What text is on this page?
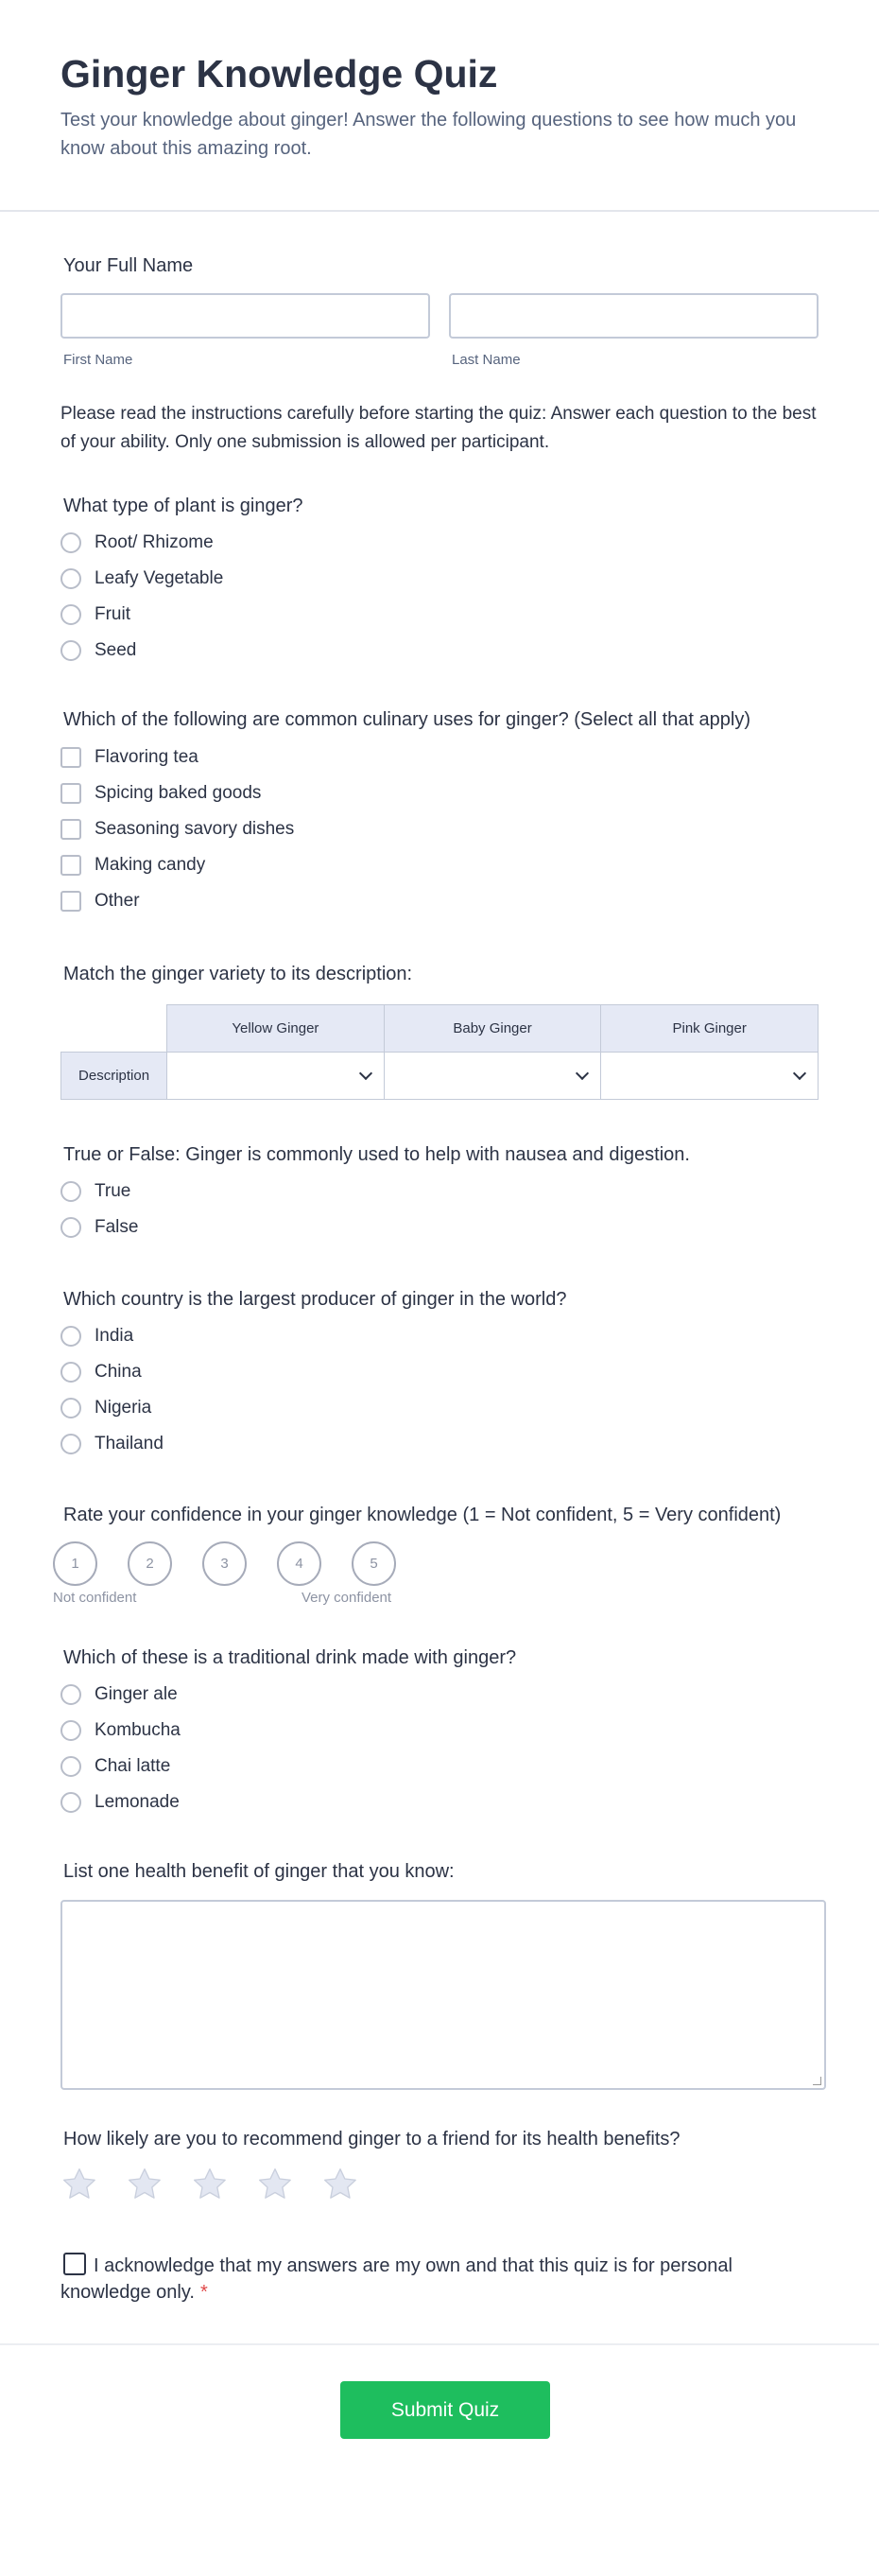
Ginger Knowledge Quiz
Test your knowledge about ginger! Answer the following questions to see how much you know about this amazing root.
Your Full Name
First Name	Last Name
Please read the instructions carefully before starting the quiz: Answer each question to the best of your ability. Only one submission is allowed per participant.
What type of plant is ginger?
Root/ Rhizome
Leafy Vegetable
Fruit
Seed
Which of the following are common culinary uses for ginger? (Select all that apply)
Flavoring tea
Spicing baked goods
Seasoning savory dishes
Making candy
Other
Match the ginger variety to its description:
	Yellow Ginger	Baby Ginger	Pink Ginger
Description	

True or False: Ginger is commonly used to help with nausea and digestion.
True
False
Which country is the largest producer of ginger in the world?
India
China
Nigeria
Thailand
Rate your confidence in your ginger knowledge (1 = Not confident, 5 = Very confident)
1	2	3	4	5
Not confident	Very confident
Which of these is a traditional drink made with ginger?
Ginger ale
Kombucha
Chai latte
Lemonade
List one health benefit of ginger that you know:
How likely are you to recommend ginger to a friend for its health benefits?
I acknowledge that my answers are my own and that this quiz is for personal knowledge only. *
Submit Quiz
